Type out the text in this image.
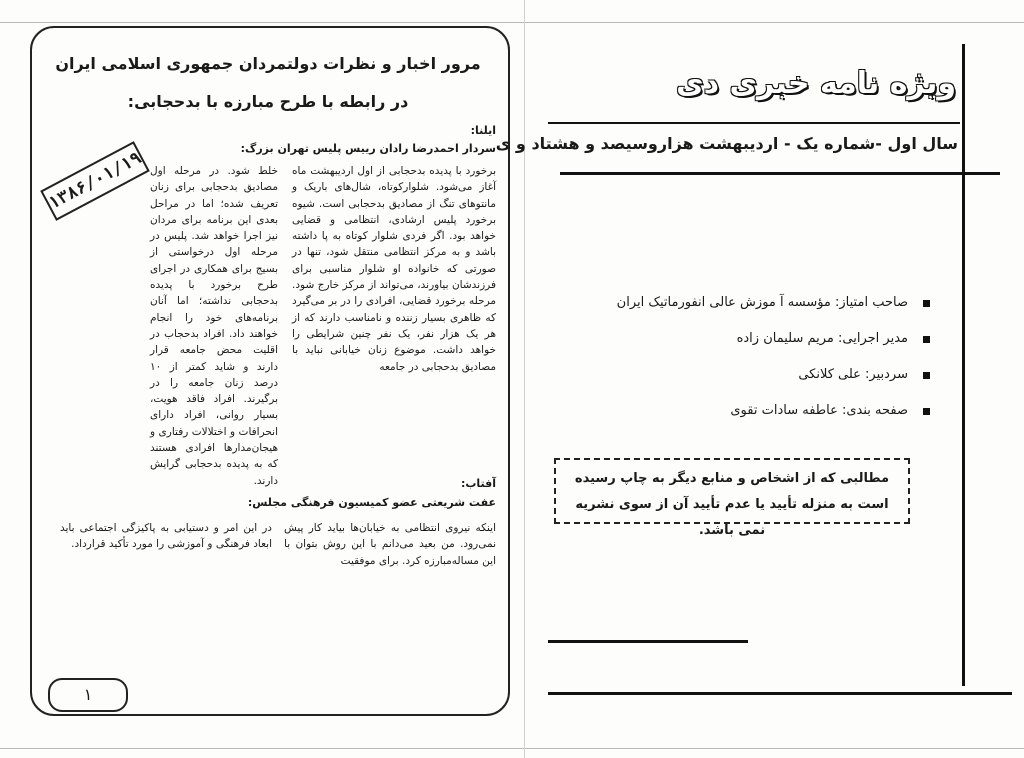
مرور اخبار و نظرات دولتمردان جمهوری اسلامی ایران
در رابطه با طرح مبارزه با بدحجابی:
ایلنا:
سردار احمدرضا رادان رییس پلیس تهران بزرگ:

برخورد با پدیده بدحجابی از اول اردیبهشت ماه آغاز می‌شود. شلوارکوتاه، شال‌های باریک و مانتوهای تنگ از مصادیق بدحجابی است. شیوه برخورد پلیس ارشادی، انتظامی و قضایی خواهد بود. اگر فردی شلوار کوتاه به پا داشته باشد و به مرکز انتظامی منتقل شود، تنها در صورتی که خانواده او شلوار مناسبی برای فرزندشان بیاورند، می‌تواند از مرکز خارج شود. مرحله برخورد قضایی، افرادی را در بر می‌گیرد که ظاهری بسیار زننده و نامناسب دارند که از هر یک هزار نفر، یک نفر چنین شرایطی را خواهد داشت. موضوع زنان خیابانی نباید با مصادیق بدحجابی در جامعه

خلط شود. در مرحله اول مصادیق بدحجابی برای زنان تعریف شده؛ اما در مراحل بعدی این برنامه برای مردان نیز اجرا خواهد شد. پلیس در مرحله اول درخواستی از بسیج برای همکاری در اجرای طرح برخورد با پدیده بدحجابی نداشته؛ اما آنان برنامه‌های خود را انجام خواهند داد. افراد بدحجاب در اقلیت محض جامعه قرار دارند و شاید کمتر از ۱۰ درصد زنان جامعه را در برگیرند. افراد فاقد هویت، بسیار روانی، افراد دارای انحرافات و اختلالات رفتاری و هیجان‌مدارها افرادی هستند که به پدیده بدحجابی گرایش دارند.

۱۳۸۶/۰۱/۱۹
آفتاب:
عفت شریعتی عضو کمیسیون فرهنگی مجلس:

اینکه نیروی انتظامی به خیابان‌ها بیاید کار پیش نمی‌رود. من بعید می‌دانم با این روش بتوان با این مساله‌مبارزه کرد. برای موفقیت

در این امر و دستیابی به پاکیزگی اجتماعی باید ابعاد فرهنگی و آموزشی را مورد تأکید قرارداد.

۱
ویژه نامه خبری دی
سال اول -شماره یک - اردیبهشت هزاروسیصد و هشتاد و ی
صاحب امتیاز: مؤسسه آ موزش عالی انفورماتیک ایران
مدیر اجرایی: مریم سلیمان زاده
سردبیر: علی کلانکی
صفحه بندی: عاطفه سادات تقوی
مطالبی که از اشخاص و منابع دیگر به چاپ رسیده است به منزله تأیید یا عدم تأیید آن از سوی نشریه نمی باشد.
